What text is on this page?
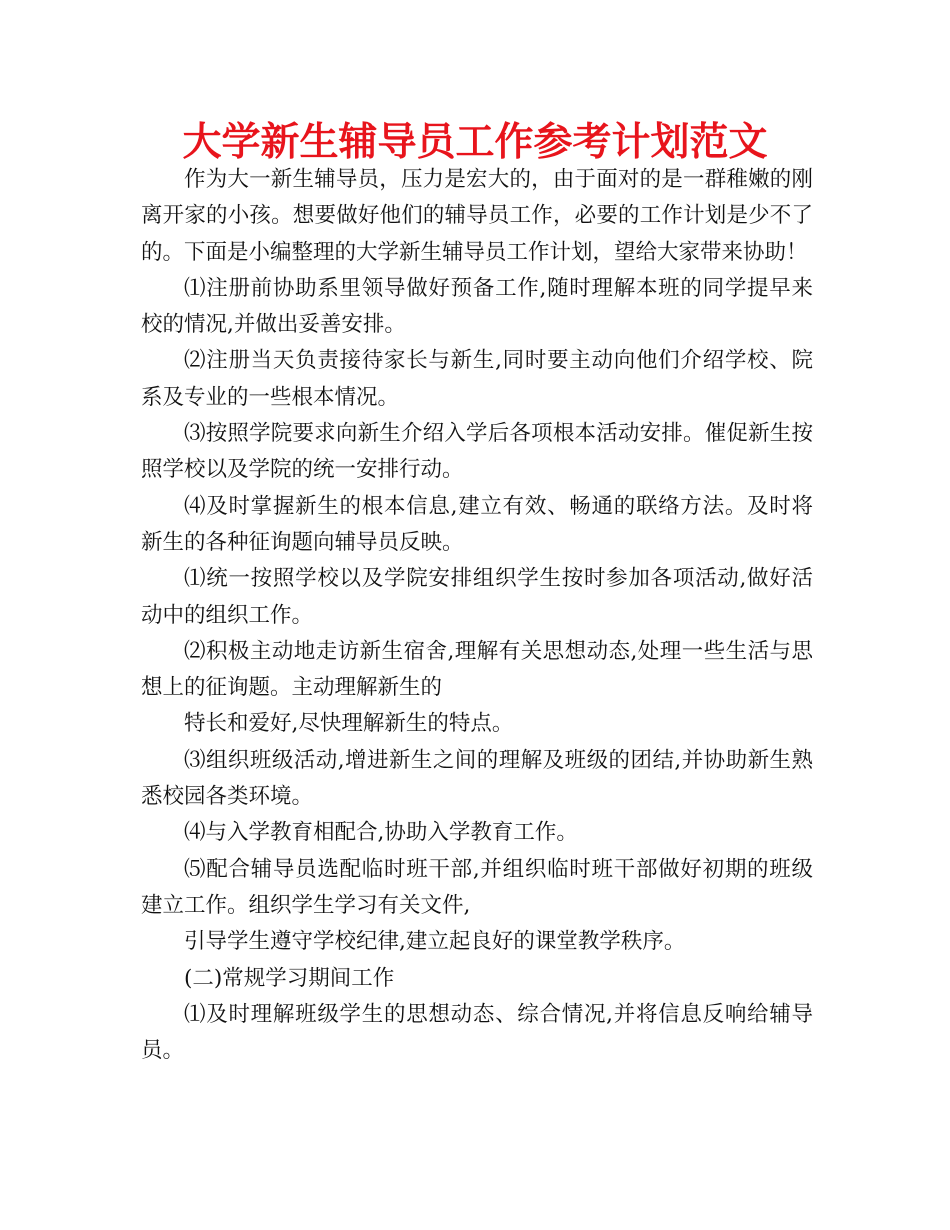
大学新生辅导员工作参考计划范文

作为大一新生辅导员，压力是宏大的，由于面对的是一群稚嫩的刚离开家的小孩。想要做好他们的辅导员工作，必要的工作计划是少不了的。下面是小编整理的大学新生辅导员工作计划，望给大家带来协助！

⑴注册前协助系里领导做好预备工作,随时理解本班的同学提早来校的情况,并做出妥善安排。

⑵注册当天负责接待家长与新生,同时要主动向他们介绍学校、院系及专业的一些根本情况。

⑶按照学院要求向新生介绍入学后各项根本活动安排。催促新生按照学校以及学院的统一安排行动。

⑷及时掌握新生的根本信息,建立有效、畅通的联络方法。及时将新生的各种征询题向辅导员反映。

⑴统一按照学校以及学院安排组织学生按时参加各项活动,做好活动中的组织工作。

⑵积极主动地走访新生宿舍,理解有关思想动态,处理一些生活与思想上的征询题。主动理解新生的

特长和爱好,尽快理解新生的特点。

⑶组织班级活动,增进新生之间的理解及班级的团结,并协助新生熟悉校园各类环境。

⑷与入学教育相配合,协助入学教育工作。

⑸配合辅导员选配临时班干部,并组织临时班干部做好初期的班级建立工作。组织学生学习有关文件,

引导学生遵守学校纪律,建立起良好的课堂教学秩序。

(二)常规学习期间工作

⑴及时理解班级学生的思想动态、综合情况,并将信息反响给辅导员。
